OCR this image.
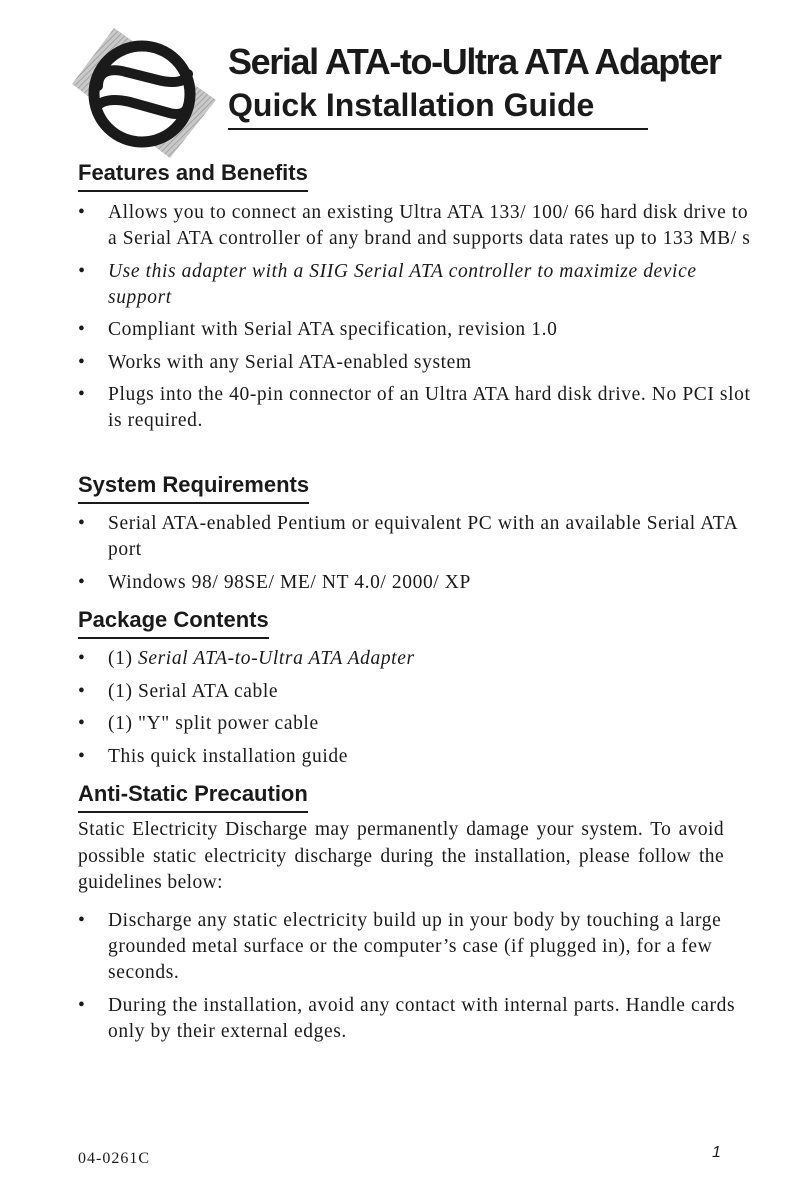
Serial ATA-to-Ultra ATA Adapter
Quick Installation Guide
Features and Benefits
• Allows you to connect an existing Ultra ATA 133/ 100/ 66 hard disk drive to a Serial ATA controller of any brand and supports data rates up to 133 MB/ s
• Use this adapter with a SIIG Serial ATA controller to maximize device support
• Compliant with Serial ATA specification, revision 1.0
• Works with any Serial ATA-enabled system
• Plugs into the 40-pin connector of an Ultra ATA hard disk drive. No PCI slot is required.
System Requirements
• Serial ATA-enabled Pentium or equivalent PC with an available Serial ATA port
• Windows 98/ 98SE/ ME/ NT 4.0/ 2000/ XP
Package Contents
• (1) Serial ATA-to-Ultra ATA Adapter
• (1) Serial ATA cable
• (1) "Y" split power cable
• This quick installation guide
Anti-Static Precaution
Static Electricity Discharge may permanently damage your system. To avoid possible static electricity discharge during the installation, please follow the guidelines below:
• Discharge any static electricity build up in your body by touching a large grounded metal surface or the computer’s case (if plugged in), for a few seconds.
• During the installation, avoid any contact with internal parts. Handle cards only by their external edges.
04-0261C	1
